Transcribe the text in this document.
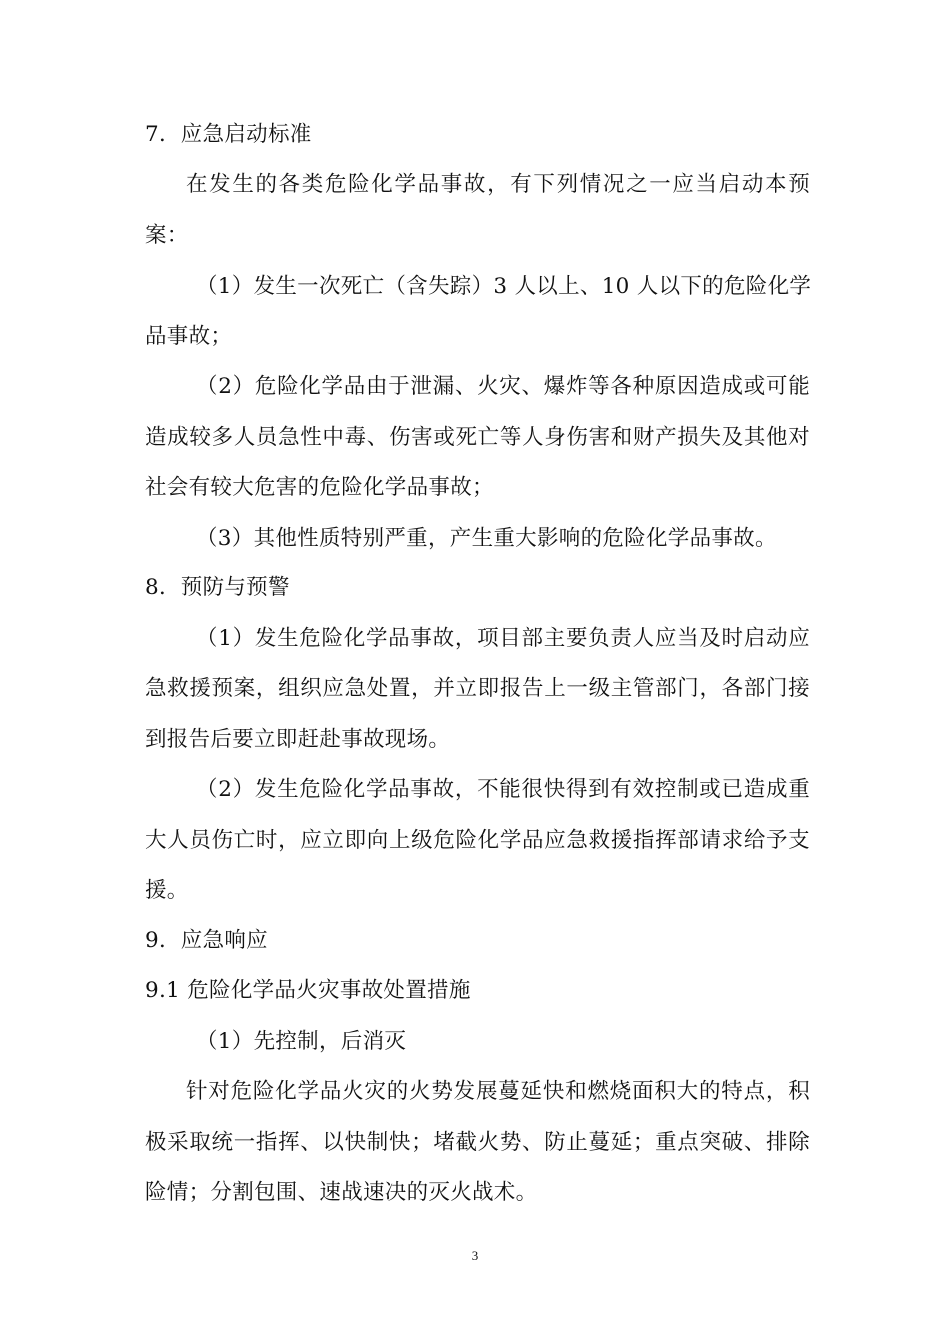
7．应急启动标准
在发生的各类危险化学品事故，有下列情况之一应当启动本预
案：
（1）发生一次死亡（含失踪）3 人以上、10 人以下的危险化学
品事故；
（2）危险化学品由于泄漏、火灾、爆炸等各种原因造成或可能
造成较多人员急性中毒、伤害或死亡等人身伤害和财产损失及其他对
社会有较大危害的危险化学品事故；
（3）其他性质特别严重，产生重大影响的危险化学品事故。
8．预防与预警
（1）发生危险化学品事故，项目部主要负责人应当及时启动应
急救援预案，组织应急处置，并立即报告上一级主管部门，各部门接
到报告后要立即赶赴事故现场。
（2）发生危险化学品事故，不能很快得到有效控制或已造成重
大人员伤亡时，应立即向上级危险化学品应急救援指挥部请求给予支
援。
9．应急响应
9.1 危险化学品火灾事故处置措施
（1）先控制，后消灭
针对危险化学品火灾的火势发展蔓延快和燃烧面积大的特点，积
极采取统一指挥、以快制快；堵截火势、防止蔓延；重点突破、排除
险情；分割包围、速战速决的灭火战术。
3
